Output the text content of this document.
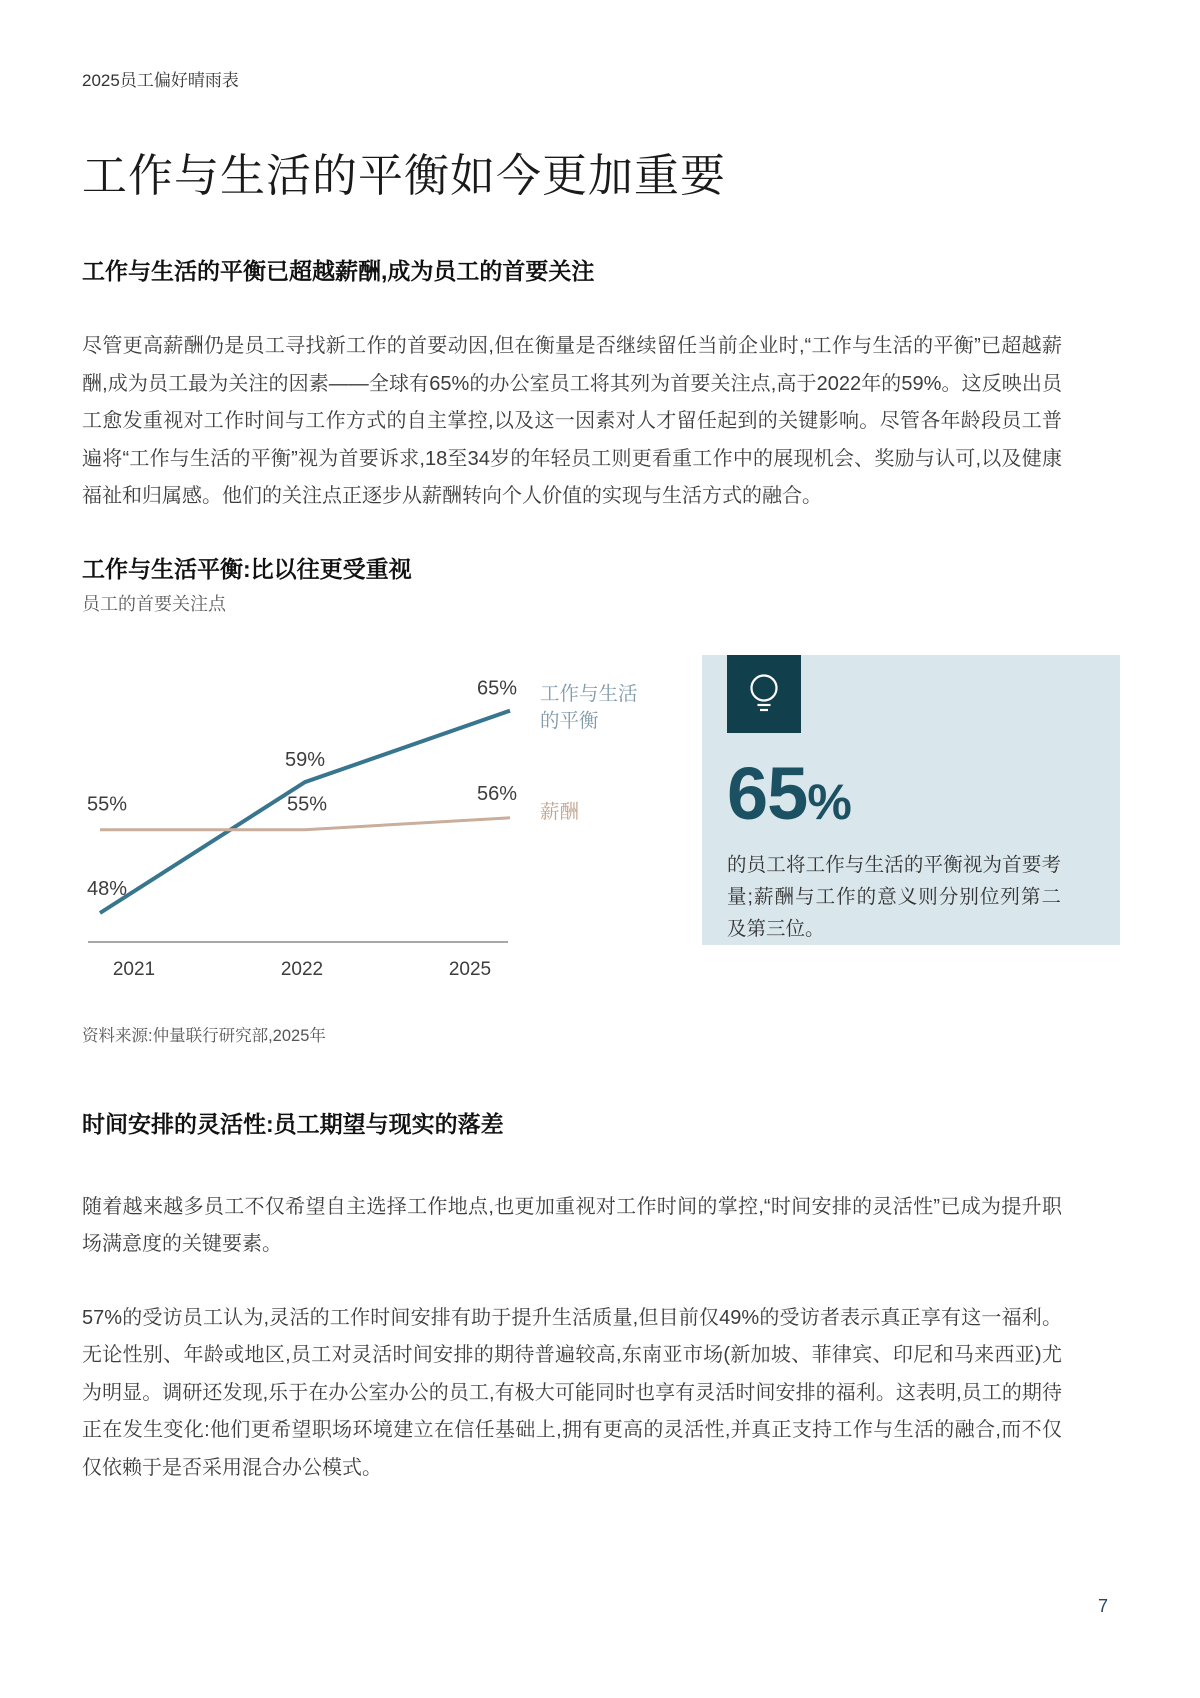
2025员工偏好晴雨表
工作与生活的平衡如今更加重要
工作与生活的平衡已超越薪酬,成为员工的首要关注

尽管更高薪酬仍是员工寻找新工作的首要动因,但在衡量是否继续留任当前企业时,“工作与生活的平衡”已超越薪酬,成为员工最为关注的因素——全球有65%的办公室员工将其列为首要关注点,高于2022年的59%。这反映出员工愈发重视对工作时间与工作方式的自主掌控,以及这一因素对人才留任起到的关键影响。尽管各年龄段员工普遍将“工作与生活的平衡”视为首要诉求,18至34岁的年轻员工则更看重工作中的展现机会、奖励与认可,以及健康福祉和归属感。他们的关注点正逐步从薪酬转向个人价值的实现与生活方式的融合。

工作与生活平衡:比以往更受重视
员工的首要关注点
48%
59%
65%
55%	55%	56%
2021	2022	2025
工作与生活的平衡
薪酬	65%

的员工将工作与生活的平衡视为首要考量;薪酬与工作的意义则分别位列第二及第三位。

资料来源:仲量联行研究部,2025年
时间安排的灵活性:员工期望与现实的落差

随着越来越多员工不仅希望自主选择工作地点,也更加重视对工作时间的掌控,“时间安排的灵活性”已成为提升职场满意度的关键要素。

57%的受访员工认为,灵活的工作时间安排有助于提升生活质量,但目前仅49%的受访者表示真正享有这一福利。无论性别、年龄或地区,员工对灵活时间安排的期待普遍较高,东南亚市场(新加坡、菲律宾、印尼和马来西亚)尤为明显。调研还发现,乐于在办公室办公的员工,有极大可能同时也享有灵活时间安排的福利。这表明,员工的期待正在发生变化:他们更希望职场环境建立在信任基础上,拥有更高的灵活性,并真正支持工作与生活的融合,而不仅仅依赖于是否采用混合办公模式。

7
